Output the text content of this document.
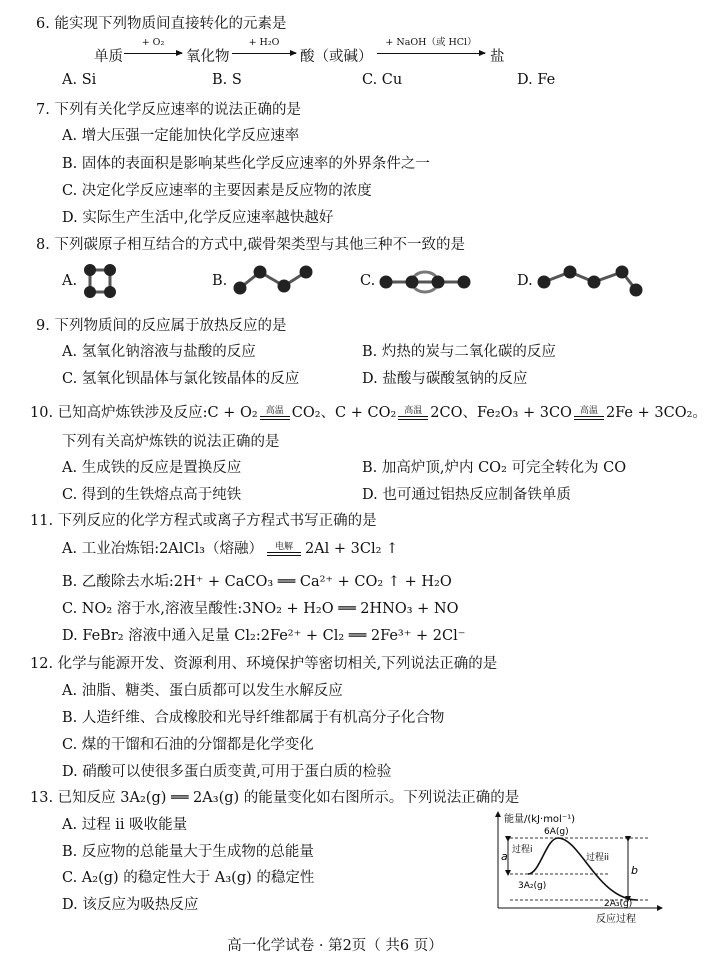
6. 能实现下列物质间直接转化的元素是
单质
+ O₂
氧化物
+ H₂O
酸（或碱）
+ NaOH（或 HCl）
盐
A. Si	B. S	C. Cu	D. Fe
7. 下列有关化学反应速率的说法正确的是
A. 增大压强一定能加快化学反应速率
B. 固体的表面积是影响某些化学反应速率的外界条件之一
C. 决定化学反应速率的主要因素是反应物的浓度
D. 实际生产生活中,化学反应速率越快越好
8. 下列碳原子相互结合的方式中,碳骨架类型与其他三种不一致的是
A.	B.	C.	D.
9. 下列物质间的反应属于放热反应的是
A. 氢氧化钠溶液与盐酸的反应	B. 灼热的炭与二氧化碳的反应
C. 氢氧化钡晶体与氯化铵晶体的反应	D. 盐酸与碳酸氢钠的反应
10. 已知高炉炼铁涉及反应:C + O₂ 高温 CO₂、C + CO₂ 高温 2CO、Fe₂O₃ + 3CO 高温 2Fe + 3CO₂。
下列有关高炉炼铁的说法正确的是
A. 生成铁的反应是置换反应	B. 加高炉顶,炉内 CO₂ 可完全转化为 CO
C. 得到的生铁熔点高于纯铁	D. 也可通过铝热反应制备铁单质
11. 下列反应的化学方程式或离子方程式书写正确的是
A. 工业冶炼铝:2AlCl₃（熔融） 电解 2Al + 3Cl₂ ↑
B. 乙酸除去水垢:2H⁺ + CaCO₃ ══ Ca²⁺ + CO₂ ↑ + H₂O
C. NO₂ 溶于水,溶液呈酸性:3NO₂ + H₂O ══ 2HNO₃ + NO
D. FeBr₂ 溶液中通入足量 Cl₂:2Fe²⁺ + Cl₂ ══ 2Fe³⁺ + 2Cl⁻
12. 化学与能源开发、资源利用、环境保护等密切相关,下列说法正确的是
A. 油脂、糖类、蛋白质都可以发生水解反应
B. 人造纤维、合成橡胶和光导纤维都属于有机高分子化合物
C. 煤的干馏和石油的分馏都是化学变化
D. 硝酸可以使很多蛋白质变黄,可用于蛋白质的检验
13. 已知反应 3A₂(g) ══ 2A₃(g) 的能量变化如右图所示。下列说法正确的是
A. 过程 ii 吸收能量
B. 反应物的总能量大于生成物的总能量
C. A₂(g) 的稳定性大于 A₃(g) 的稳定性
D. 该反应为吸热反应
能量/(kJ·mol⁻¹)
反应过程
a
b
6A(g)
过程i
过程ii
3A₂(g)
2A₃(g)
高一化学试卷 · 第2页（ 共6 页）
